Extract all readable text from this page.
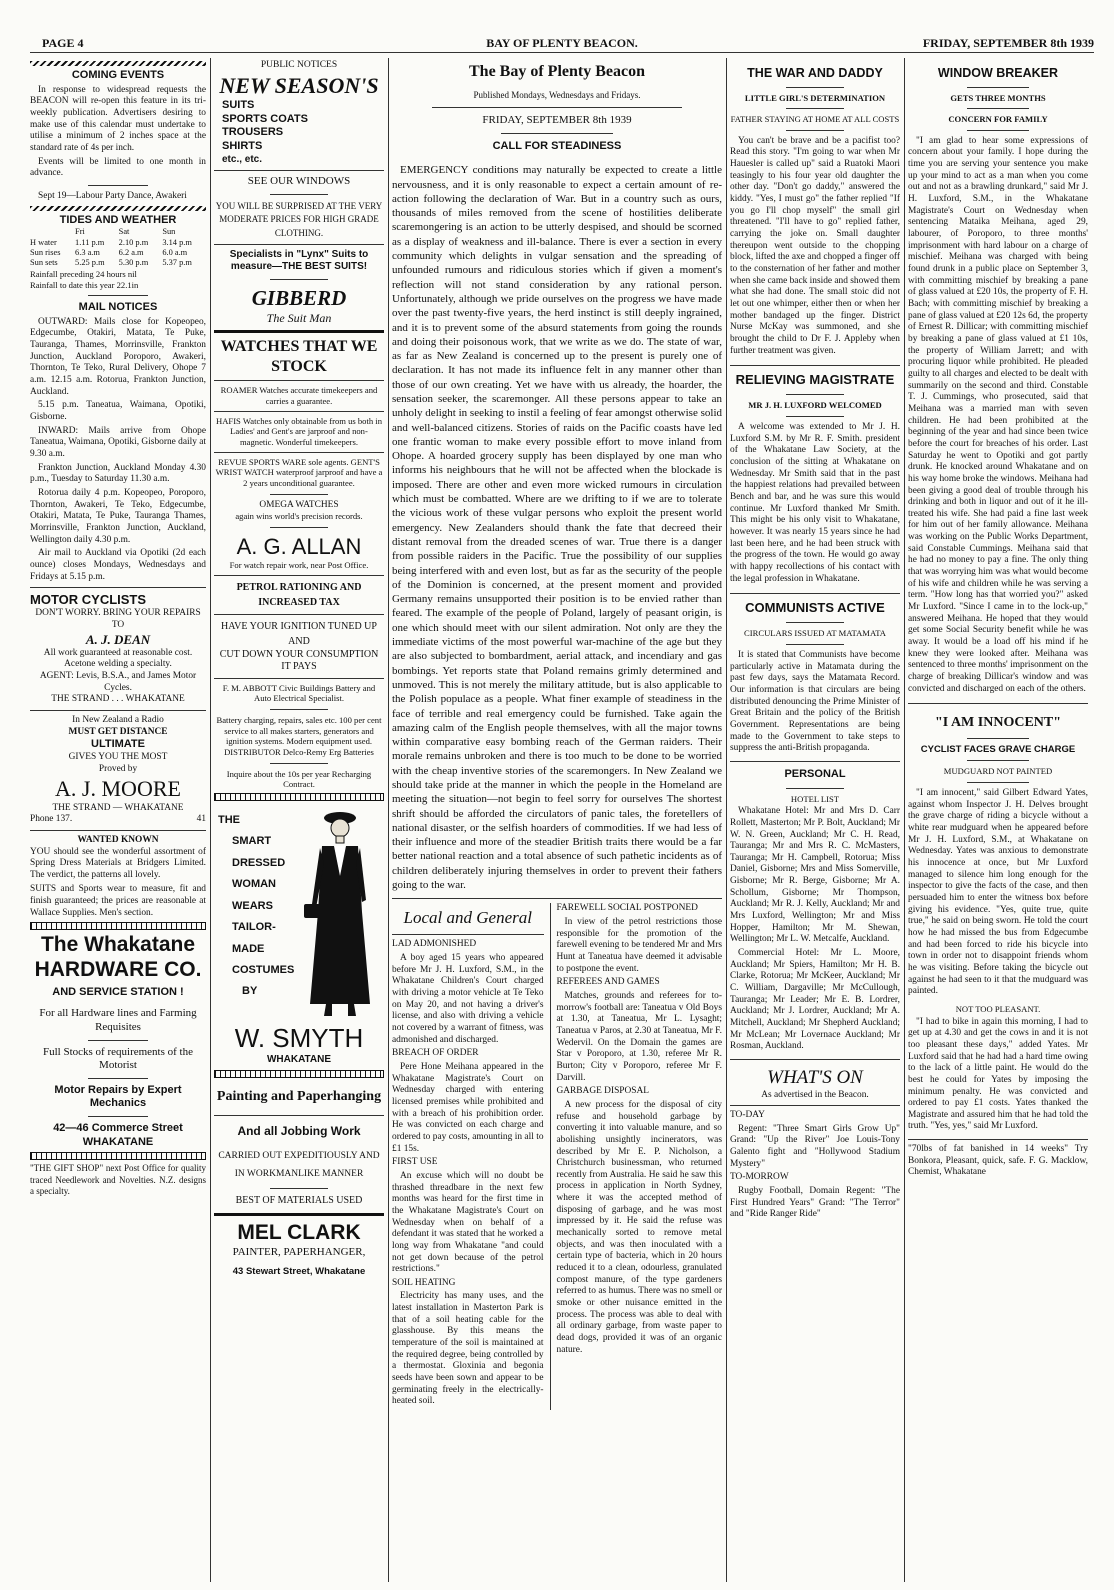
PAGE 4	BAY OF PLENTY BEACON.	FRIDAY, SEPTEMBER 8th 1939
COMING EVENTS

In response to widespread requests the BEACON will re-open this feature in its tri-weekly publication. Advertisers desiring to make use of this calendar must undertake to utilise a minimum of 2 inches space at the standard rate of 4s per inch.

Events will be limited to one month in advance.

Sept 19—Labour Party Dance, Awakeri

TIDES AND WEATHER
	Fri	Sat	Sun
H water	1.11 p.m	2.10 p.m	3.14 p.m
Sun rises	6.3 a.m	6.2 a.m	6.0 a.m
Sun sets	5.25 p.m	5.30 p.m	5.37 p.m
Rainfall preceding 24 hours nil
Rainfall to date this year 22.1in
MAIL NOTICES

OUTWARD: Mails close for Kopeopeo, Edgecumbe, Otakiri, Matata, Te Puke, Tauranga, Thames, Morrinsville, Frankton Junction, Auckland Poroporo, Awakeri, Thornton, Te Teko, Rural Delivery, Ohope 7 a.m. 12.15 a.m. Rotorua, Frankton Junction, Auckland.

5.15 p.m. Taneatua, Waimana, Opotiki, Gisborne.

INWARD: Mails arrive from Ohope Taneatua, Waimana, Opotiki, Gisborne daily at 9.30 a.m.

Frankton Junction, Auckland Monday 4.30 p.m., Tuesday to Saturday 11.30 a.m.

Rotorua daily 4 p.m. Kopeopeo, Poroporo, Thornton, Awakeri, Te Teko, Edgecumbe, Otakiri, Matata, Te Puke, Tauranga Thames, Morrinsville, Frankton Junction, Auckland, Wellington daily 4.30 p.m.

Air mail to Auckland via Opotiki (2d each ounce) closes Mondays, Wednesdays and Fridays at 5.15 p.m.

MOTOR CYCLISTS
DON'T WORRY. BRING YOUR REPAIRS TO
A. J. DEAN
All work guaranteed at reasonable cost.
Acetone welding a specialty.
AGENT: Levis, B.S.A., and James Motor Cycles.
THE STRAND . . . WHAKATANE
In New Zealand a Radio
MUST GET DISTANCE
ULTIMATE
GIVES YOU THE MOST
Proved by
A. J. MOORE
THE STRAND — WHAKATANE
Phone 137.	41
WANTED KNOWN
YOU should see the wonderful assortment of Spring Dress Materials at Bridgers Limited. The verdict, the patterns all lovely.
SUITS and Sports wear to measure, fit and finish guaranteed; the prices are reasonable at Wallace Supplies. Men's section.
The Whakatane HARDWARE CO.
AND SERVICE STATION !
For all Hardware lines and Farming Requisites
Full Stocks of requirements of the Motorist
Motor Repairs by Expert Mechanics
42—46 Commerce Street WHAKATANE
"THE GIFT SHOP" next Post Office for quality traced Needlework and Novelties. N.Z. designs a specialty.
PUBLIC NOTICES
NEW SEASON'S
SUITS
SPORTS COATS
TROUSERS
SHIRTS
etc., etc.
SEE OUR WINDOWS
YOU WILL BE SURPRISED AT THE VERY MODERATE PRICES FOR HIGH GRADE CLOTHING.
Specialists in "Lynx" Suits to measure—THE BEST SUITS!
GIBBERD
The Suit Man
WATCHES THAT WE STOCK
ROAMER Watches accurate timekeepers and carries a guarantee.
HAFIS Watches only obtainable from us both in Ladies' and Gent's are jarproof and non-magnetic. Wonderful timekeepers.
REVUE SPORTS WARE sole agents. GENT'S WRIST WATCH waterproof jarproof and have a 2 years unconditional guarantee.
OMEGA WATCHES
again wins world's precision records.
A. G. ALLAN
For watch repair work, near Post Office.
PETROL RATIONING AND INCREASED TAX
HAVE YOUR IGNITION TUNED UP AND
CUT DOWN YOUR CONSUMPTION IT PAYS
F. M. ABBOTT Civic Buildings Battery and Auto Electrical Specialist.
Battery charging, repairs, sales etc. 100 per cent service to all makes starters, generators and ignition systems. Modern equipment used. DISTRIBUTOR Delco-Remy Erg Batteries
Inquire about the 10s per year Recharging Contract.
THE
SMART
DRESSED
WOMAN
WEARS
TAILOR-
MADE
COSTUMES
BY
W. SMYTH
WHAKATANE
Painting and Paperhanging
And all Jobbing Work
CARRIED OUT EXPEDITIOUSLY AND IN WORKMANLIKE MANNER
BEST OF MATERIALS USED
MEL CLARK
PAINTER, PAPERHANGER,
43 Stewart Street, Whakatane
The Bay of Plenty Beacon
Published Mondays, Wednesdays and Fridays.
FRIDAY, SEPTEMBER 8th 1939
CALL FOR STEADINESS
EMERGENCY conditions may naturally be expected to create a little nervousness, and it is only reasonable to expect a certain amount of re-action following the declaration of War. But in a country such as ours, thousands of miles removed from the scene of hostilities deliberate scaremongering is an action to be utterly despised, and should be scorned as a display of weakness and ill-balance. There is ever a section in every community which delights in vulgar sensation and the spreading of unfounded rumours and ridiculous stories which if given a moment's reflection will not stand consideration by any rational person. Unfortunately, although we pride ourselves on the progress we have made over the past twenty-five years, the herd instinct is still deeply ingrained, and it is to prevent some of the absurd statements from going the rounds and doing their poisonous work, that we write as we do. The state of war, as far as New Zealand is concerned up to the present is purely one of declaration. It has not made its influence felt in any manner other than those of our own creating. Yet we have with us already, the hoarder, the sensation seeker, the scaremonger. All these persons appear to take an unholy delight in seeking to instil a feeling of fear amongst otherwise solid and well-balanced citizens. Stories of raids on the Pacific coasts have led one frantic woman to make every possible effort to move inland from Ohope. A hoarded grocery supply has been displayed by one man who informs his neighbours that he will not be affected when the blockade is imposed. There are other and even more wicked rumours in circulation which must be combatted. Where are we drifting to if we are to tolerate the vicious work of these vulgar persons who exploit the present world emergency. New Zealanders should thank the fate that decreed their distant removal from the dreaded scenes of war. True there is a danger from possible raiders in the Pacific. True the possibility of our supplies being interfered with and even lost, but as far as the security of the people of the Dominion is concerned, at the present moment and provided Germany remains unsupported their position is to be envied rather than feared. The example of the people of Poland, largely of peasant origin, is one which should meet with our silent admiration. Not only are they the immediate victims of the most powerful war-machine of the age but they are also subjected to bombardment, aerial attack, and incendiary and gas bombings. Yet reports state that Poland remains grimly determined and unmoved. This is not merely the military attitude, but is also applicable to the Polish populace as a people. What finer example of steadiness in the face of terrible and real emergency could be furnished. Take again the amazing calm of the English people themselves, with all the major towns within comparative easy bombing reach of the German raiders. Their morale remains unbroken and there is too much to be done to be worried with the cheap inventive stories of the scaremongers. In New Zealand we should take pride at the manner in which the people in the Homeland are meeting the situation—not begin to feel sorry for ourselves The shortest shrift should be afforded the circulators of panic tales, the foretellers of national disaster, or the selfish hoarders of commodities. If we had less of their influence and more of the steadier British traits there would be a far better national reaction and a total absence of such pathetic incidents as of children deliberately injuring themselves in order to prevent their fathers going to the war.
Local and General
LAD ADMONISHED

A boy aged 15 years who appeared before Mr J. H. Luxford, S.M., in the Whakatane Children's Court charged with driving a motor vehicle at Te Teko on May 20, and not having a driver's license, and also with driving a vehicle not covered by a warrant of fitness, was admonished and discharged.

BREACH OF ORDER

Pere Hone Meihana appeared in the Whakatane Magistrate's Court on Wednesday charged with entering licensed premises while prohibited and with a breach of his prohibition order. He was convicted on each charge and ordered to pay costs, amounting in all to £1 15s.

FIRST USE

An excuse which will no doubt be thrashed threadbare in the next few months was heard for the first time in the Whakatane Magistrate's Court on Wednesday when on behalf of a defendant it was stated that he worked a long way from Whakatane "and could not get down because of the petrol restrictions."

SOIL HEATING

Electricity has many uses, and the latest installation in Masterton Park is that of a soil heating cable for the glasshouse. By this means the temperature of the soil is maintained at the required degree, being controlled by a thermostat. Gloxinia and begonia seeds have been sown and appear to be germinating freely in the electrically-heated soil.

FAREWELL SOCIAL POSTPONED

In view of the petrol restrictions those responsible for the promotion of the farewell evening to be tendered Mr and Mrs Hunt at Taneatua have deemed it advisable to postpone the event.

REFEREES AND GAMES

Matches, grounds and referees for to-morrow's football are: Taneatua v Old Boys at 1.30, at Taneatua, Mr L. Lysaght; Taneatua v Paros, at 2.30 at Taneatua, Mr F. Wedervil. On the Domain the games are Star v Poroporo, at 1.30, referee Mr R. Burton; City v Poroporo, referee Mr F. Darvill.

GARBAGE DISPOSAL

A new process for the disposal of city refuse and household garbage by converting it into valuable manure, and so abolishing unsightly incinerators, was described by Mr E. P. Nicholson, a Christchurch businessman, who returned recently from Australia. He said he saw this process in application in North Sydney, where it was the accepted method of disposing of garbage, and he was most impressed by it. He said the refuse was mechanically sorted to remove metal objects, and was then inoculated with a certain type of bacteria, which in 20 hours reduced it to a clean, odourless, granulated compost manure, of the type gardeners referred to as humus. There was no smell or smoke or other nuisance emitted in the process. The process was able to deal with all ordinary garbage, from waste paper to dead dogs, provided it was of an organic nature.

THE WAR AND DADDY
LITTLE GIRL'S DETERMINATION
FATHER STAYING AT HOME AT ALL COSTS

You can't be brave and be a pacifist too? Read this story. "I'm going to war when Mr Hauesler is called up" said a Ruatoki Maori teasingly to his four year old daughter the other day. "Don't go daddy," answered the kiddy. "Yes, I must go" the father replied "If you go I'll chop myself" the small girl threatened. "I'll have to go" replied father, carrying the joke on. Small daughter thereupon went outside to the chopping block, lifted the axe and chopped a finger off to the consternation of her father and mother when she came back inside and showed them what she had done. The small stoic did not let out one whimper, either then or when her mother bandaged up the finger. District Nurse McKay was summoned, and she brought the child to Dr F. J. Appleby when further treatment was given.

RELIEVING MAGISTRATE
MR J. H. LUXFORD WELCOMED

A welcome was extended to Mr J. H. Luxford S.M. by Mr R. F. Smith. president of the Whakatane Law Society, at the conclusion of the sitting at Whakatane on Wednesday. Mr Smith said that in the past the happiest relations had prevailed between Bench and bar, and he was sure this would continue. Mr Luxford thanked Mr Smith. This might be his only visit to Whakatane, however. It was nearly 15 years since he had last been here, and he had been struck with the progress of the town. He would go away with happy recollections of his contact with the legal profession in Whakatane.

COMMUNISTS ACTIVE
CIRCULARS ISSUED AT MATAMATA

It is stated that Communists have become particularly active in Matamata during the past few days, says the Matamata Record. Our information is that circulars are being distributed denouncing the Prime Minister of Great Britain and the policy of the British Government. Representations are being made to the Government to take steps to suppress the anti-British propaganda.

PERSONAL
HOTEL LIST

Whakatane Hotel: Mr and Mrs D. Carr Rollett, Masterton; Mr P. Bolt, Auckland; Mr W. N. Green, Auckland; Mr C. H. Read, Tauranga; Mr and Mrs R. C. McMasters, Tauranga; Mr H. Campbell, Rotorua; Miss Daniel, Gisborne; Mrs and Miss Somerville, Gisborne; Mr R. Berge, Gisborne; Mr A. Schollum, Gisborne; Mr Thompson, Auckland; Mr R. J. Kelly, Auckland; Mr and Mrs Luxford, Wellington; Mr and Miss Hopper, Hamilton; Mr M. Shewan, Wellington; Mr L. W. Metcalfe, Auckland.

Commercial Hotel: Mr L. Moore, Auckland; Mr Spiers, Hamilton; Mr H. B. Clarke, Rotorua; Mr McKeer, Auckland; Mr C. William, Dargaville; Mr McCullough, Tauranga; Mr Leader; Mr E. B. Lordrer, Auckland; Mr J. Lordrer, Auckland; Mr A. Mitchell, Auckland; Mr Shepherd Auckland; Mr McLean; Mr Lovernace Auckland; Mr Rosman, Auckland.

WHAT'S ON
As advertised in the Beacon.
TO-DAY

Regent: "Three Smart Girls Grow Up" Grand: "Up the River" Joe Louis-Tony Galento fight and "Hollywood Stadium Mystery"

TO-MORROW

Rugby Football, Domain Regent: "The First Hundred Years" Grand: "The Terror" and "Ride Ranger Ride"

WINDOW BREAKER
GETS THREE MONTHS
CONCERN FOR FAMILY

"I am glad to hear some expressions of concern about your family. I hope during the time you are serving your sentence you make up your mind to act as a man when you come out and not as a brawling drunkard," said Mr J. H. Luxford, S.M., in the Whakatane Magistrate's Court on Wednesday when sentencing Mataika Meihana, aged 29, labourer, of Poroporo, to three months' imprisonment with hard labour on a charge of mischief. Meihana was charged with being found drunk in a public place on September 3, with committing mischief by breaking a pane of glass valued at £20 10s, the property of F. H. Bach; with committing mischief by breaking a pane of glass valued at £20 12s 6d, the property of Ernest R. Dillicar; with committing mischief by breaking a pane of glass valued at £1 10s, the property of William Jarrett; and with procuring liquor while prohibited. He pleaded guilty to all charges and elected to be dealt with summarily on the second and third. Constable T. J. Cummings, who prosecuted, said that Meihana was a married man with seven children. He had been prohibited at the beginning of the year and had since been twice before the court for breaches of his order. Last Saturday he went to Opotiki and got partly drunk. He knocked around Whakatane and on his way home broke the windows. Meihana had been giving a good deal of trouble through his drinking and both in liquor and out of it he ill-treated his wife. She had paid a fine last week for him out of her family allowance. Meihana was working on the Public Works Department, said Constable Cummings. Meihana said that he had no money to pay a fine. The only thing that was worrying him was what would become of his wife and children while he was serving a term. "How long has that worried you?" asked Mr Luxford. "Since I came in to the lock-up," answered Meihana. He hoped that they would get some Social Security benefit while he was away. It would be a load off his mind if he knew they were looked after. Meihana was sentenced to three months' imprisonment on the charge of breaking Dillicar's window and was convicted and discharged on each of the others.

"I AM INNOCENT"
CYCLIST FACES GRAVE CHARGE
MUDGUARD NOT PAINTED

"I am innocent," said Gilbert Edward Yates, against whom Inspector J. H. Delves brought the grave charge of riding a bicycle without a white rear mudguard when he appeared before Mr J. H. Luxford, S.M., at Whakatane on Wednesday. Yates was anxious to demonstrate his innocence at once, but Mr Luxford managed to silence him long enough for the inspector to give the facts of the case, and then persuaded him to enter the witness box before giving his evidence. "Yes, quite true, quite true," he said on being sworn. He told the court how he had missed the bus from Edgecumbe and had been forced to ride his bicycle into town in order not to disappoint friends whom he was visiting. Before taking the bicycle out against he had seen to it that the mudguard was painted.

NOT TOO PLEASANT.

"I had to bike in again this morning, I had to get up at 4.30 and get the cows in and it is not too pleasant these days," added Yates. Mr Luxford said that he had had a hard time owing to the lack of a little paint. He would do the best he could for Yates by imposing the minimum penalty. He was convicted and ordered to pay £1 costs. Yates thanked the Magistrate and assured him that he had told the truth. "Yes, yes," said Mr Luxford.

"70lbs of fat banished in 14 weeks" Try Bonkora, Pleasant, quick, safe. F. G. Macklow, Chemist, Whakatane
